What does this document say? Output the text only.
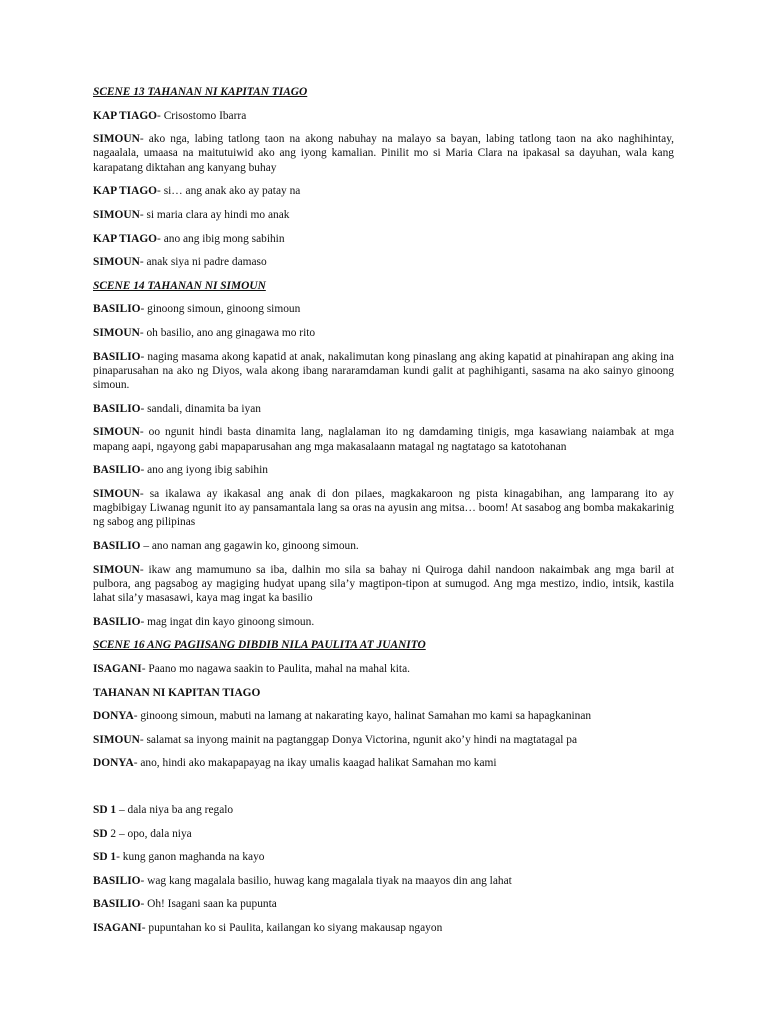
SCENE 13 TAHANAN NI KAPITAN TIAGO

KAP TIAGO- Crisostomo Ibarra

SIMOUN- ako nga, labing tatlong taon na akong nabuhay na malayo sa bayan, labing tatlong taon na ako naghihintay, nagaalala, umaasa na maitutuiwid ako ang iyong kamalian. Pinilit mo si Maria Clara na ipakasal sa dayuhan, wala kang karapatang diktahan ang kanyang buhay

KAP TIAGO- si… ang anak ako ay patay na

SIMOUN- si maria clara ay hindi mo anak

KAP TIAGO- ano ang ibig mong sabihin

SIMOUN- anak siya ni padre damaso

SCENE 14 TAHANAN NI SIMOUN

BASILIO- ginoong simoun, ginoong simoun

SIMOUN- oh basilio, ano ang ginagawa mo rito

BASILIO- naging masama akong kapatid at anak, nakalimutan kong pinaslang ang aking kapatid at pinahirapan ang aking ina pinaparusahan na ako ng Diyos, wala akong ibang nararamdaman kundi galit at paghihiganti, sasama na ako sainyo ginoong simoun.

BASILIO- sandali, dinamita ba iyan

SIMOUN- oo ngunit hindi basta dinamita lang, naglalaman ito ng damdaming tinigis, mga kasawiang naiambak at mga mapang aapi, ngayong gabi mapaparusahan ang mga makasalaann matagal ng nagtatago sa katotohanan

BASILIO- ano ang iyong ibig sabihin

SIMOUN- sa ikalawa ay ikakasal ang anak di don pilaes, magkakaroon ng pista kinagabihan, ang lamparang ito ay magbibigay Liwanag ngunit ito ay pansamantala lang sa oras na ayusin ang mitsa… boom! At sasabog ang bomba makakarinig ng sabog ang pilipinas

BASILIO – ano naman ang gagawin ko, ginoong simoun.

SIMOUN- ikaw ang mamumuno sa iba, dalhin mo sila sa bahay ni Quiroga dahil nandoon nakaimbak ang mga baril at pulbora, ang pagsabog ay magiging hudyat upang sila’y magtipon-tipon at sumugod. Ang mga mestizo, indio, intsik, kastila lahat sila’y masasawi, kaya mag ingat ka basilio

BASILIO- mag ingat din kayo ginoong simoun.

SCENE 16 ANG PAGIISANG DIBDIB NILA PAULITA AT JUANITO

ISAGANI- Paano mo nagawa saakin to Paulita, mahal na mahal kita.

TAHANAN NI KAPITAN TIAGO

DONYA- ginoong simoun, mabuti na lamang at nakarating kayo, halinat Samahan mo kami sa hapagkaninan

SIMOUN- salamat sa inyong mainit na pagtanggap Donya Victorina, ngunit ako’y hindi na magtatagal pa

DONYA- ano, hindi ako makapapayag na ikay umalis kaagad halikat Samahan mo kami

SD 1 – dala niya ba ang regalo

SD 2 – opo, dala niya

SD 1- kung ganon maghanda na kayo

BASILIO- wag kang magalala basilio, huwag kang magalala tiyak na maayos din ang lahat

BASILIO- Oh! Isagani saan ka pupunta

ISAGANI- pupuntahan ko si Paulita, kailangan ko siyang makausap ngayon
